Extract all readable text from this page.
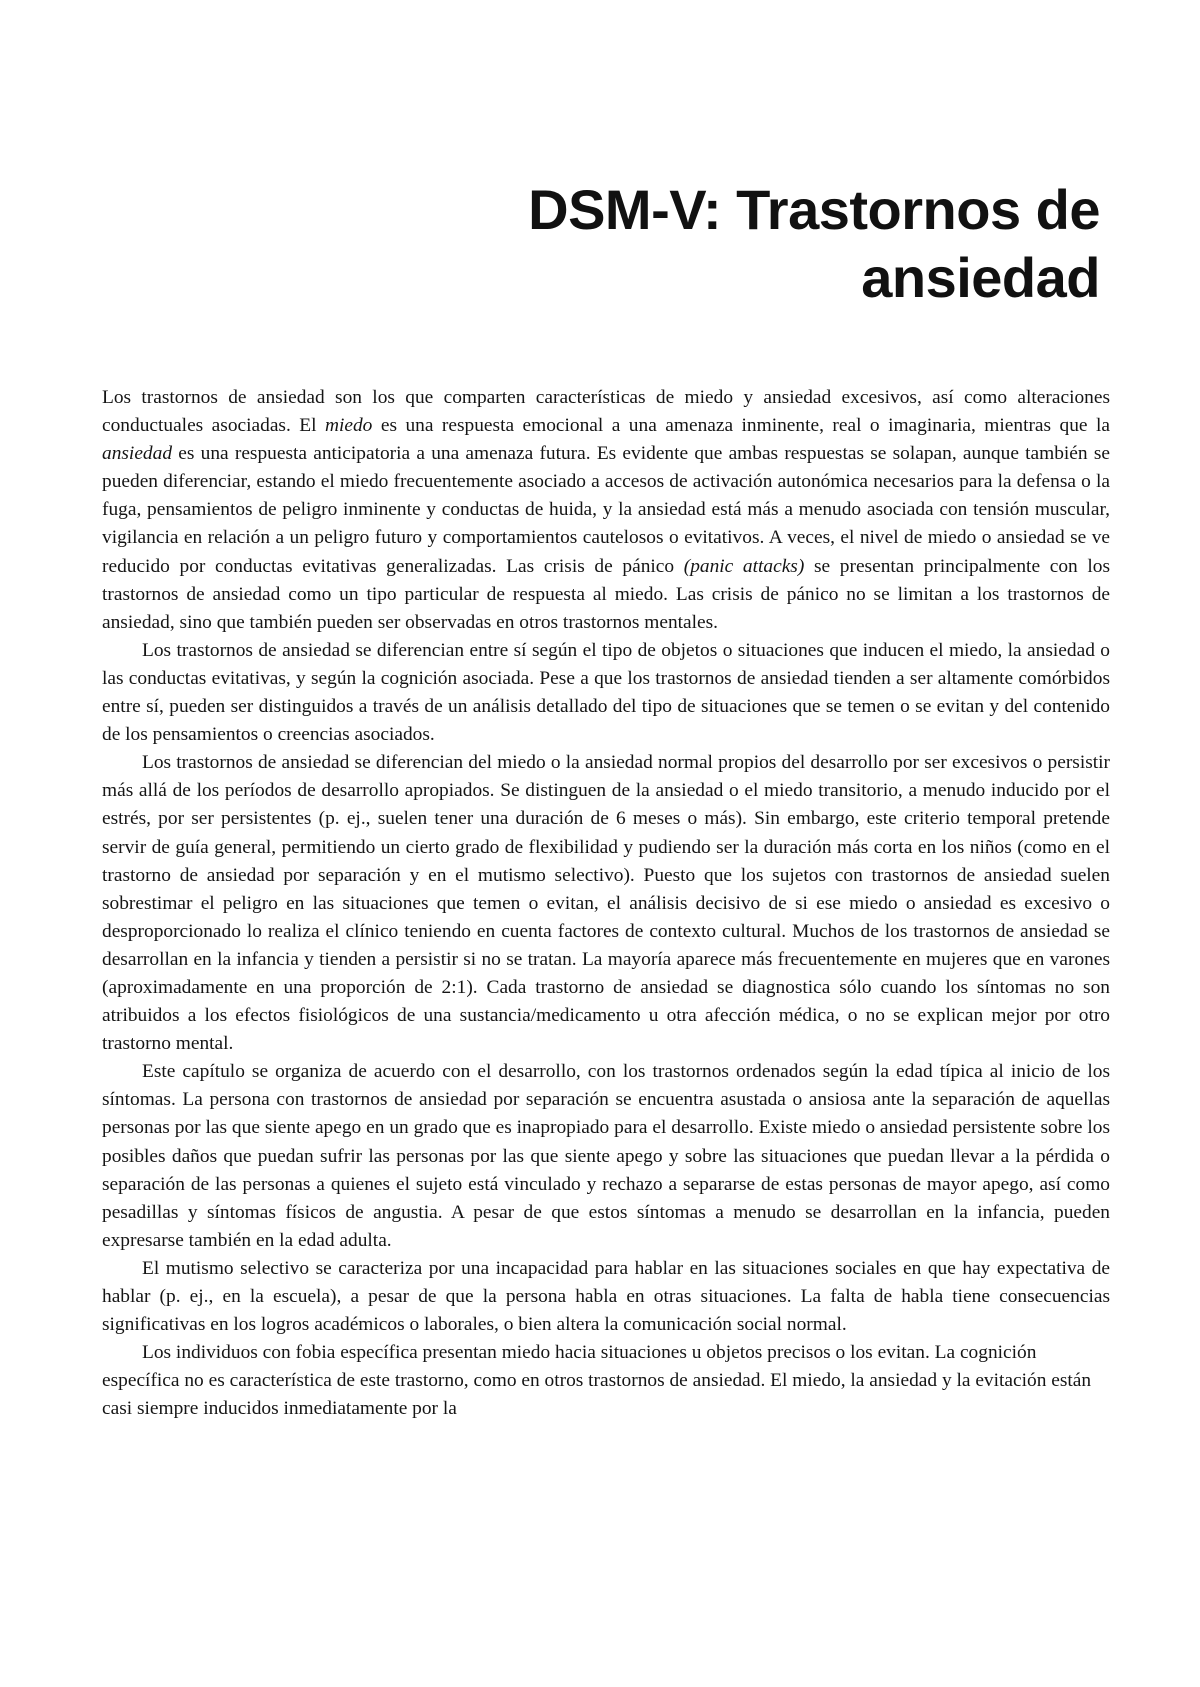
DSM-V: Trastornos de
ansiedad

Los trastornos de ansiedad son los que comparten características de miedo y ansiedad excesivos, así como alteraciones conductuales asociadas. El miedo es una respuesta emocional a una amenaza inminente, real o imaginaria, mientras que la ansiedad es una respuesta anticipatoria a una amenaza futura. Es evidente que ambas respuestas se solapan, aunque también se pueden diferenciar, estando el miedo frecuentemente asociado a accesos de activación autonómica necesarios para la defensa o la fuga, pensamientos de peligro inminente y conductas de huida, y la ansiedad está más a menudo asociada con tensión muscular, vigilancia en relación a un peligro futuro y comportamientos cautelosos o evitativos. A veces, el nivel de miedo o ansiedad se ve reducido por conductas evitativas generalizadas. Las crisis de pánico (panic attacks) se presentan principalmente con los trastornos de ansiedad como un tipo particular de respuesta al miedo. Las crisis de pánico no se limitan a los trastornos de ansiedad, sino que también pueden ser observadas en otros trastornos mentales.

Los trastornos de ansiedad se diferencian entre sí según el tipo de objetos o situaciones que inducen el miedo, la ansiedad o las conductas evitativas, y según la cognición asociada. Pese a que los trastornos de ansiedad tienden a ser altamente comórbidos entre sí, pueden ser distinguidos a través de un análisis detallado del tipo de situaciones que se temen o se evitan y del contenido de los pensamientos o creencias asociados.

Los trastornos de ansiedad se diferencian del miedo o la ansiedad normal propios del desarrollo por ser excesivos o persistir más allá de los períodos de desarrollo apropiados. Se distinguen de la ansiedad o el miedo transitorio, a menudo inducido por el estrés, por ser persistentes (p. ej., suelen tener una duración de 6 meses o más). Sin embargo, este criterio temporal pretende servir de guía general, permitiendo un cierto grado de flexibilidad y pudiendo ser la duración más corta en los niños (como en el trastorno de ansiedad por separación y en el mutismo selectivo). Puesto que los sujetos con trastornos de ansiedad suelen sobrestimar el peligro en las situaciones que temen o evitan, el análisis decisivo de si ese miedo o ansiedad es excesivo o desproporcionado lo realiza el clínico teniendo en cuenta factores de contexto cultural. Muchos de los trastornos de ansiedad se desarrollan en la infancia y tienden a persistir si no se tratan. La mayoría aparece más frecuentemente en mujeres que en varones (aproximadamente en una proporción de 2:1). Cada trastorno de ansiedad se diagnostica sólo cuando los síntomas no son atribuidos a los efectos fisiológicos de una sustancia/medicamento u otra afección médica, o no se explican mejor por otro trastorno mental.

Este capítulo se organiza de acuerdo con el desarrollo, con los trastornos ordenados según la edad típica al inicio de los síntomas. La persona con trastornos de ansiedad por separación se encuentra asustada o ansiosa ante la separación de aquellas personas por las que siente apego en un grado que es inapropiado para el desarrollo. Existe miedo o ansiedad persistente sobre los posibles daños que puedan sufrir las personas por las que siente apego y sobre las situaciones que puedan llevar a la pérdida o separación de las personas a quienes el sujeto está vinculado y rechazo a separarse de estas personas de mayor apego, así como pesadillas y síntomas físicos de angustia. A pesar de que estos síntomas a menudo se desarrollan en la infancia, pueden expresarse también en la edad adulta.

El mutismo selectivo se caracteriza por una incapacidad para hablar en las situaciones sociales en que hay expectativa de hablar (p. ej., en la escuela), a pesar de que la persona habla en otras situaciones. La falta de habla tiene consecuencias significativas en los logros académicos o laborales, o bien altera la comunicación social normal.

Los individuos con fobia específica presentan miedo hacia situaciones u objetos precisos o los evitan. La cognición específica no es característica de este trastorno, como en otros trastornos de ansiedad. El miedo, la ansiedad y la evitación están casi siempre inducidos inmediatamente por la
